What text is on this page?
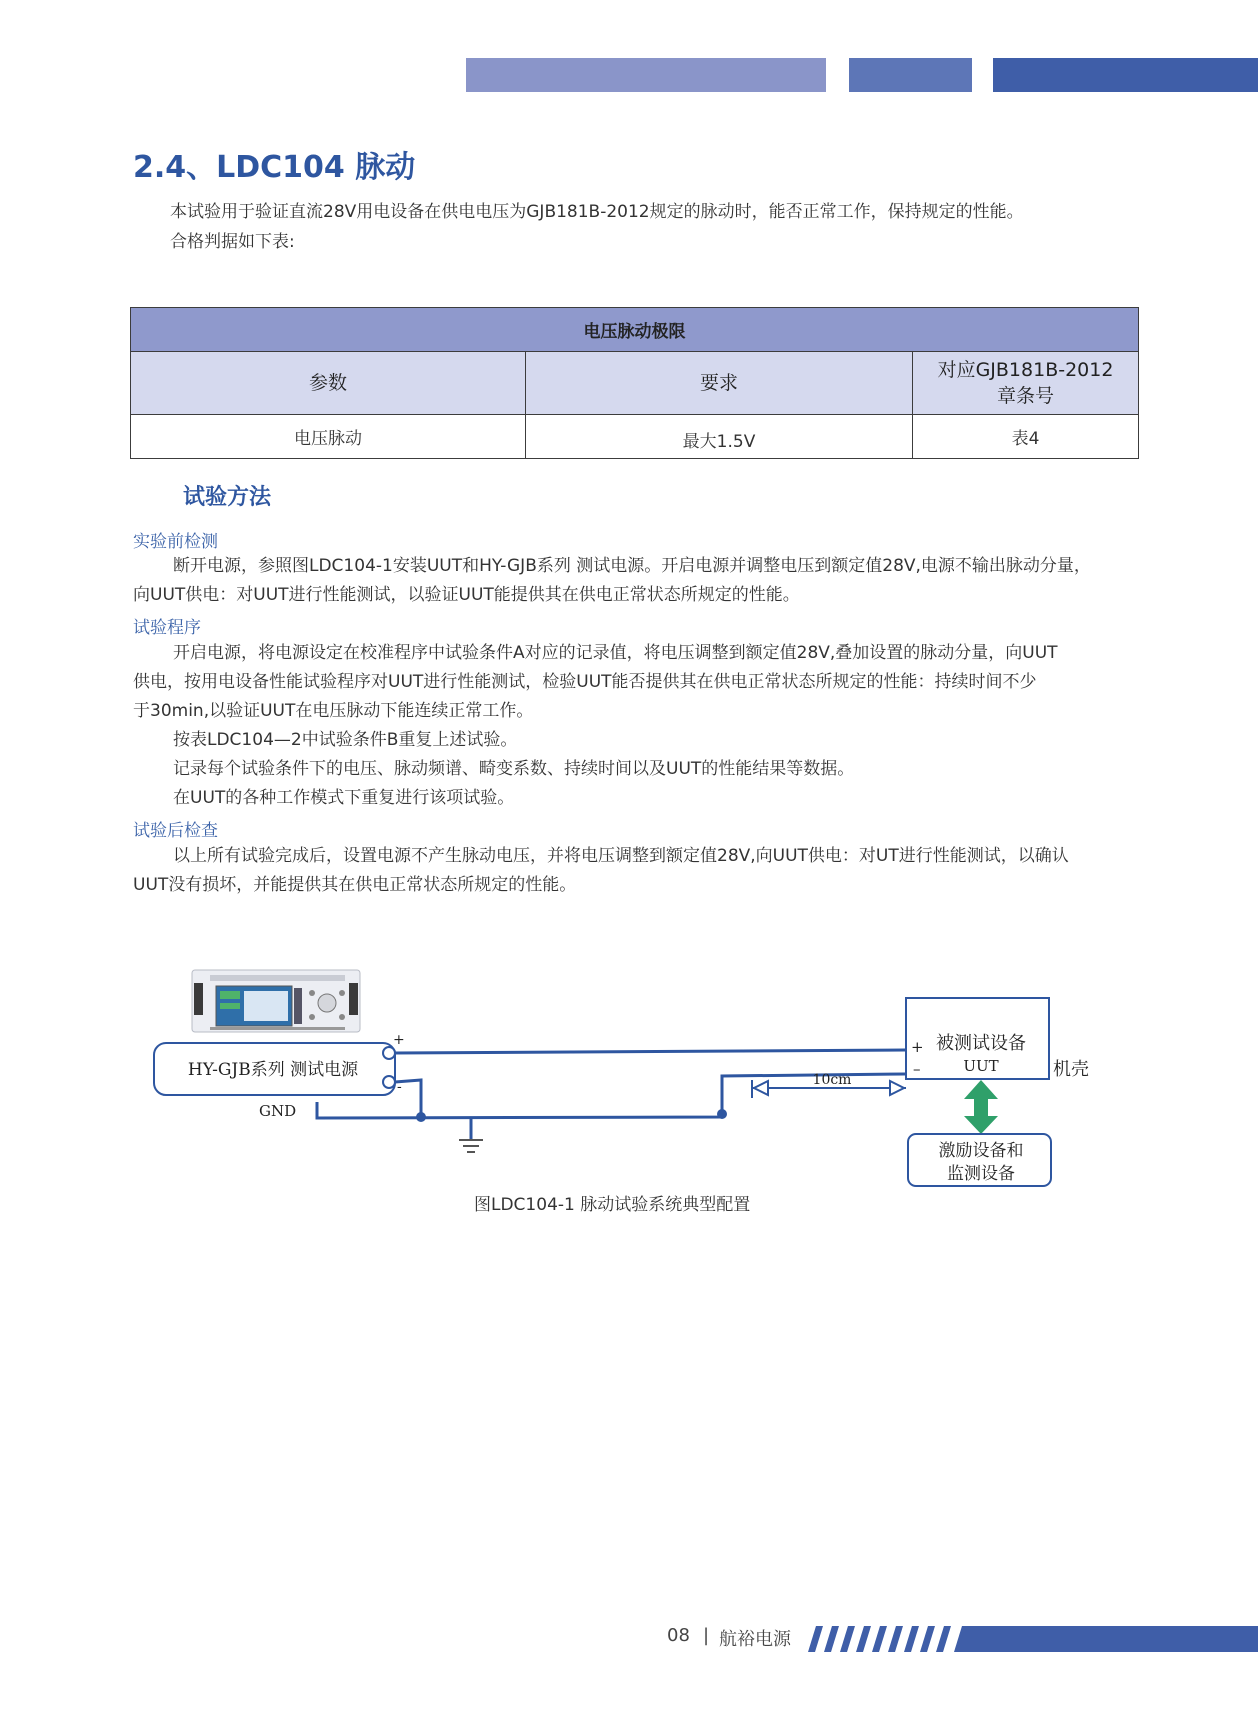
2.4、LDC104 脉动

本试验用于验证直流28V用电设备在供电电压为GJB181B-2012规定的脉动时，能否正常工作，保持规定的性能。

合格判据如下表:

电压脉动极限		
参数	要求	对应GJB181B-2012
章条号
电压脉动	最大1.5V	表4
试验方法

实验前检测

断开电源，参照图LDC104-1安装UUT和HY-GJB系列 测试电源。开启电源并调整电压到额定值28V,电源不输出脉动分量，

向UUT供电：对UUT进行性能测试，以验证UUT能提供其在供电正常状态所规定的性能。

试验程序

开启电源，将电源设定在校准程序中试验条件A对应的记录值，将电压调整到额定值28V,叠加设置的脉动分量，向UUT

供电，按用电设备性能试验程序对UUT进行性能测试，检验UUT能否提供其在供电正常状态所规定的性能：持续时间不少

于30min,以验证UUT在电压脉动下能连续正常工作。

按表LDC104—2中试验条件B重复上述试验。

记录每个试验条件下的电压、脉动频谱、畸变系数、持续时间以及UUT的性能结果等数据。

在UUT的各种工作模式下重复进行该项试验。

试验后检查

以上所有试验完成后，设置电源不产生脉动电压，并将电压调整到额定值28V,向UUT供电：对UT进行性能测试，以确认

UUT没有损坏，并能提供其在供电正常状态所规定的性能。

HY-GJB系列 测试电源
+
-
GND
被测试设备
UUT
+
–	机壳
10cm
激励设备和
监测设备

图LDC104-1 脉动试验系统典型配置

08 | 航裕电源
